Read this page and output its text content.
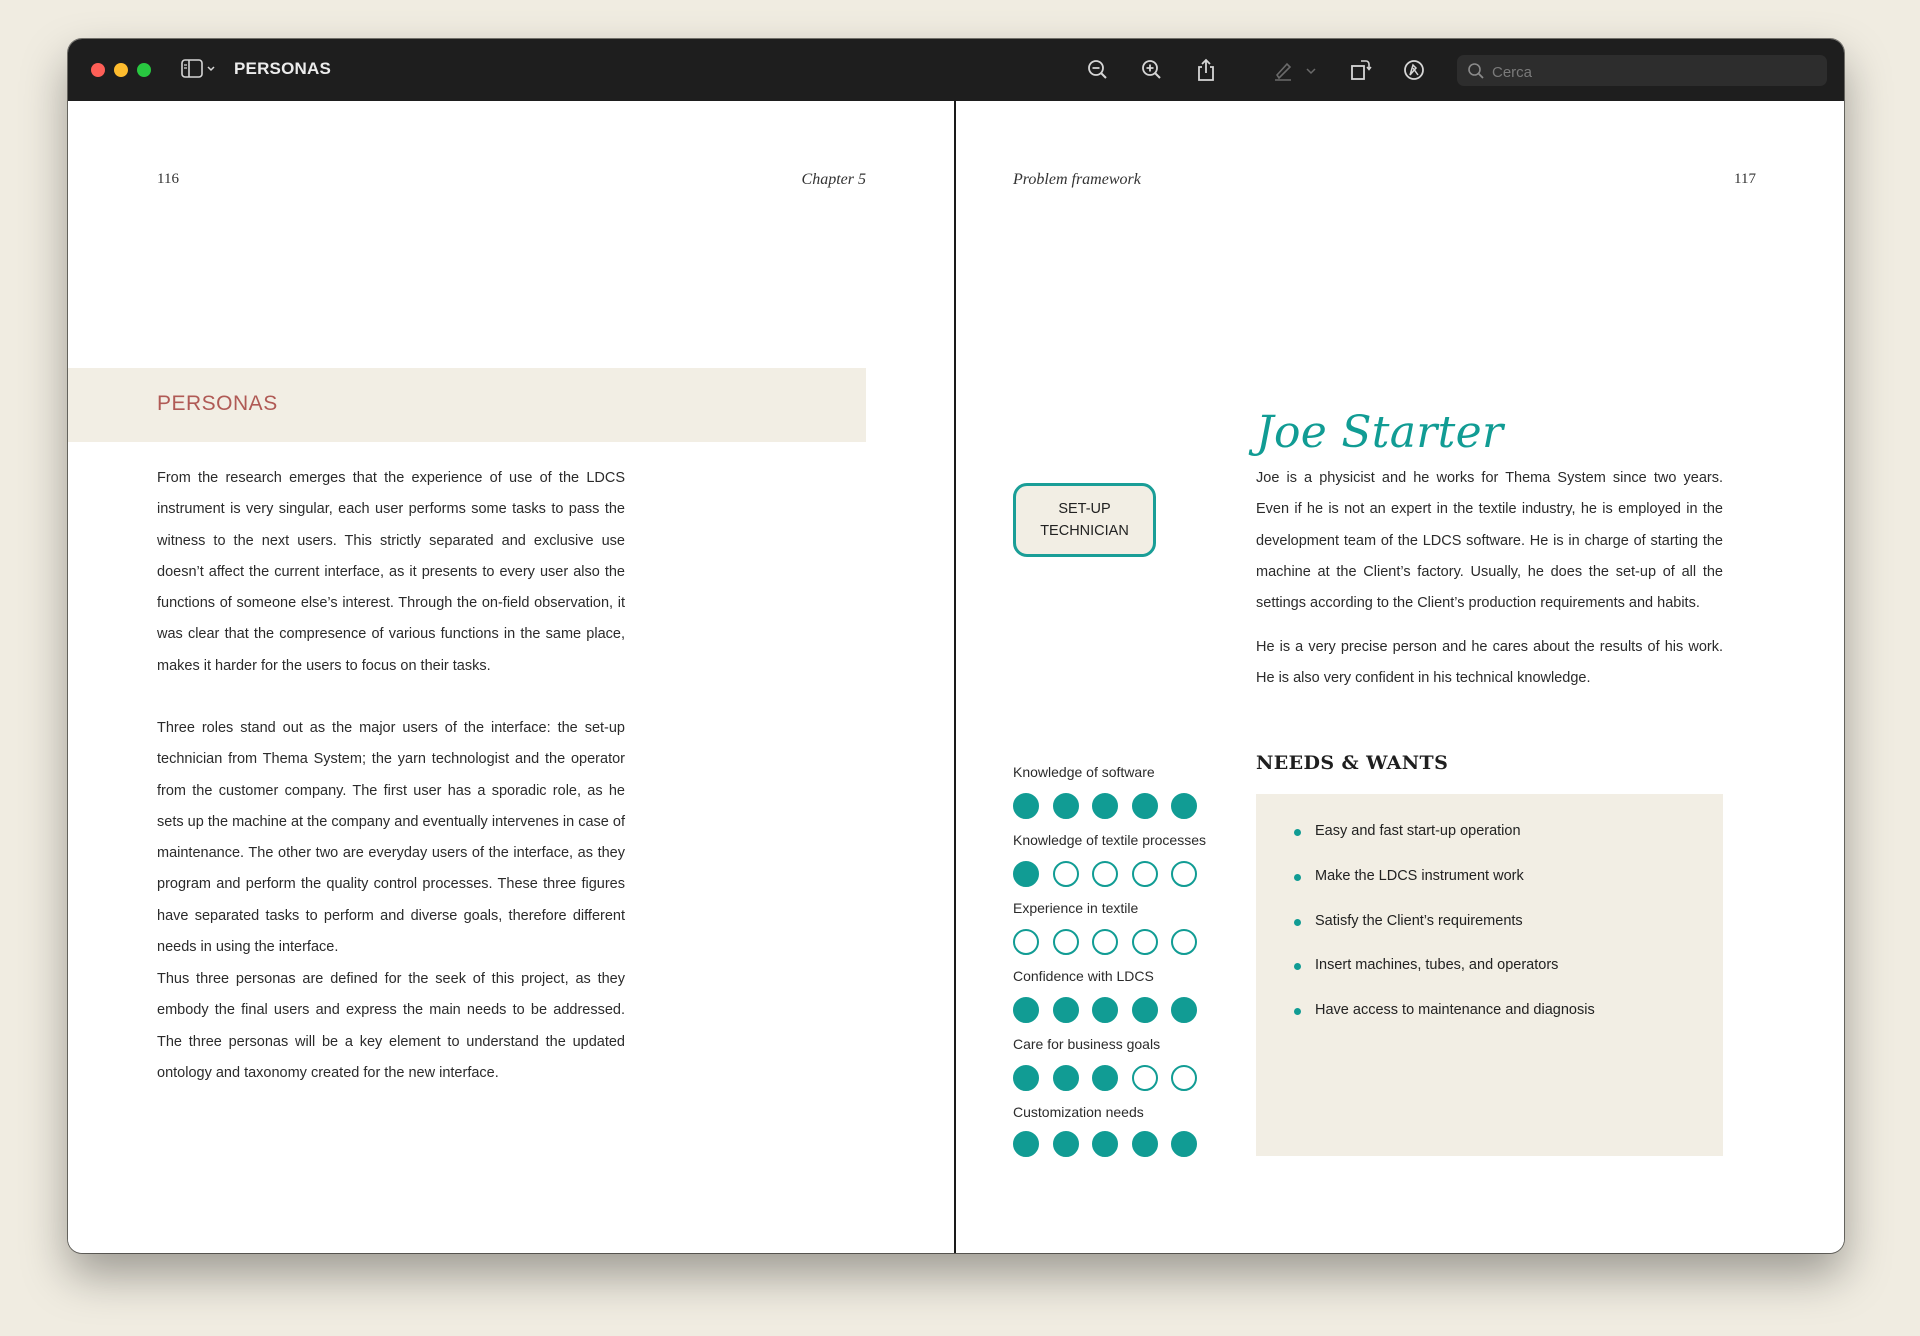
PERSONAS
Cerca
116	Chapter 5
PERSONAS

From the research emerges that the experience of use of the LDCS instrument is very singular, each user performs some tasks to pass the witness to the next users. This strictly separated and exclusive use doesn’t affect the current interface, as it presents to every user also the functions of someone else’s interest. Through the on-field observation, it was clear that the compresence of various functions in the same place, makes it harder for the users to focus on their tasks.

Three roles stand out as the major users of the interface: the set-up technician from Thema System; the yarn technologist and the operator from the customer company. The first user has a sporadic role, as he sets up the machine at the company and eventually intervenes in case of maintenance. The other two are everyday users of the interface, as they program and perform the quality control processes. These three figures have separated tasks to perform and diverse goals, therefore different needs in using the interface.

Thus three personas are defined for the seek of this project, as they embody the final users and express the main needs to be addressed. The three personas will be a key element to understand the updated ontology and taxonomy created for the new interface.

Problem framework	117
SET-UP
TECHNICIAN
Joe Starter

Joe is a physicist and he works for Thema System since two years. Even if he is not an expert in the textile industry, he is employed in the development team of the LDCS software. He is in charge of starting the machine at the Client’s factory. Usually, he does the set-up of all the settings according to the Client’s production requirements and habits.

He is a very precise person and he cares about the results of his work. He is also very confident in his technical knowledge.

Knowledge of software
Knowledge of textile processes
Experience in textile
Confidence with LDCS
Care for business goals
Customization needs
NEEDS & WANTS
Easy and fast start-up operation
Make the LDCS instrument work
Satisfy the Client’s requirements
Insert machines, tubes, and operators
Have access to maintenance and diagnosis
